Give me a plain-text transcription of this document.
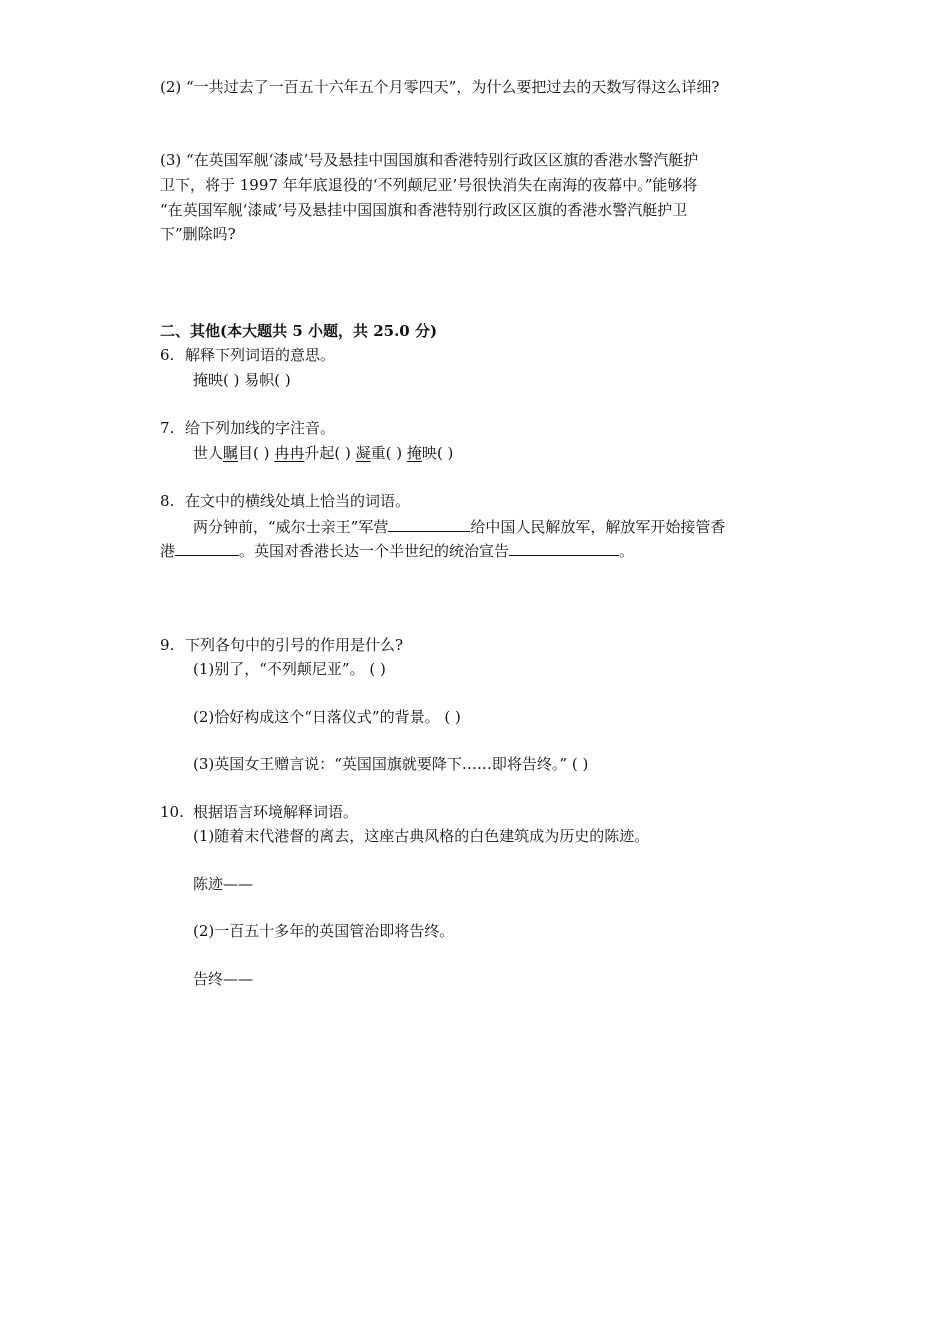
(2) “一共过去了一百五十六年五个月零四天”，为什么要把过去的天数写得这么详细?
(3) “在英国军舰‘漆咸’号及悬挂中国国旗和香港特别行政区区旗的香港水警汽艇护
卫下，将于 1997 年年底退役的‘不列颠尼亚’号很快消失在南海的夜幕中。”能够将
“在英国军舰‘漆咸’号及悬挂中国国旗和香港特别行政区区旗的香港水警汽艇护卫
下”删除吗?
二、其他(本大题共 5 小题，共 25.0 分)
6. 解释下列词语的意思。
掩映( ) 易帜( )
7. 给下列加线的字注音。
世人瞩目( ) 冉冉升起( ) 凝重( ) 掩映( )
8. 在文中的横线处填上恰当的词语。
两分钟前，“威尔士亲王”军营	给中国人民解放军，解放军开始接管香
港	。英国对香港长达一个半世纪的统治宣告	。
9. 下列各句中的引号的作用是什么?
(1)别了，“不列颠尼亚”。 ( )
(2)恰好构成这个“日落仪式”的背景。 ( )
(3)英国女王赠言说：“英国国旗就要降下……即将告终。” ( )
10. 根据语言环境解释词语。
(1)随着末代港督的离去，这座古典风格的白色建筑成为历史的陈迹。
陈迹——
(2)一百五十多年的英国管治即将告终。
告终——
